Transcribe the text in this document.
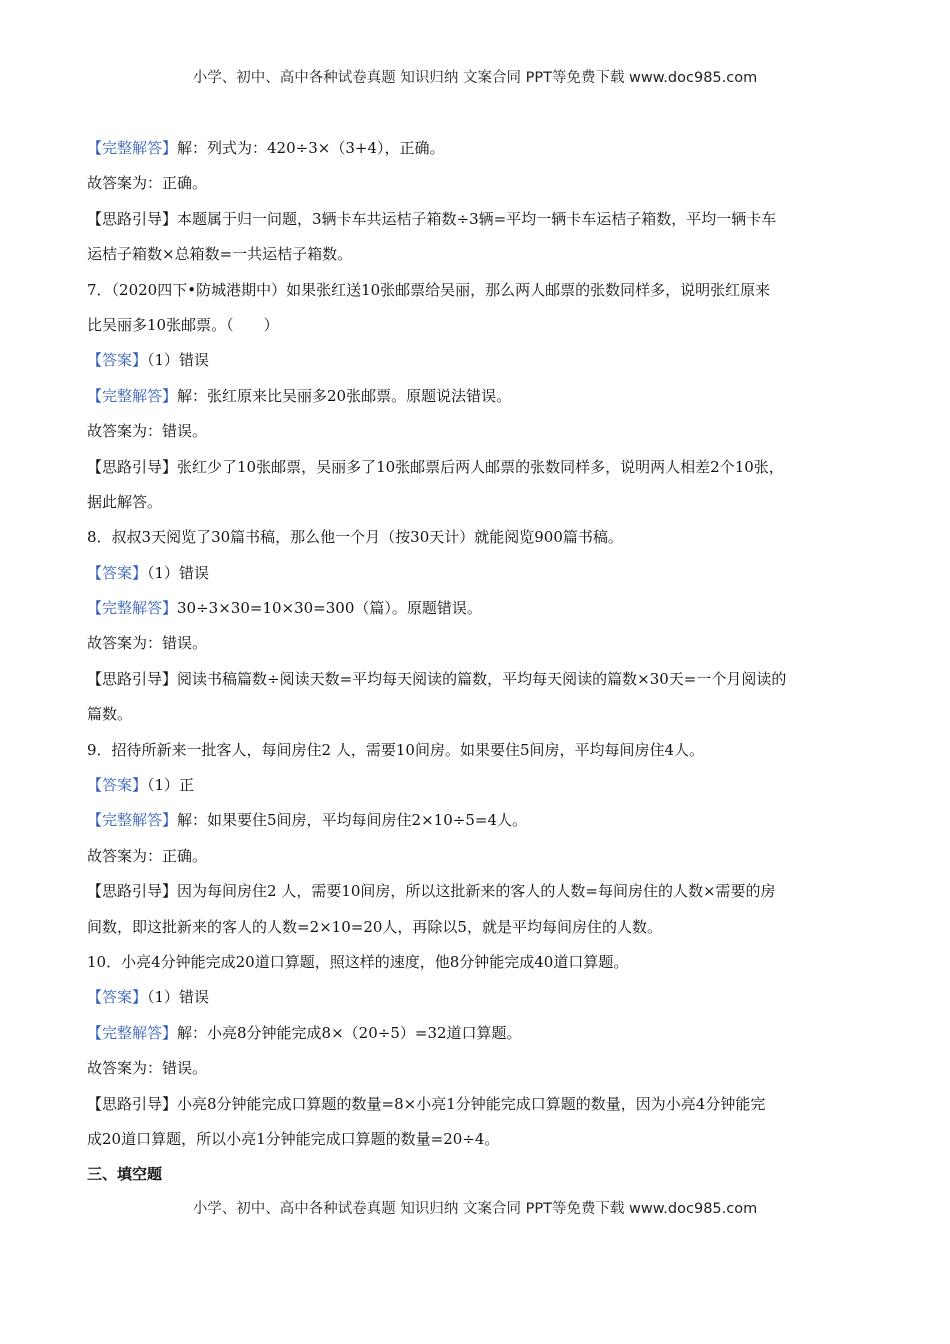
小学、初中、高中各种试卷真题 知识归纳 文案合同 PPT等免费下载 www.doc985.com
【完整解答】解：列式为：420÷3×（3+4），正确。
故答案为：正确。
【思路引导】本题属于归一问题，3辆卡车共运桔子箱数÷3辆=平均一辆卡车运桔子箱数，平均一辆卡车
运桔子箱数×总箱数=一共运桔子箱数。
7．（2020四下•防城港期中）如果张红送10张邮票给吴丽，那么两人邮票的张数同样多，说明张红原来
比吴丽多10张邮票。（　　）
【答案】（1）错误
【完整解答】解：张红原来比吴丽多20张邮票。原题说法错误。
故答案为：错误。
【思路引导】张红少了10张邮票，吴丽多了10张邮票后两人邮票的张数同样多，说明两人相差2个10张，
据此解答。
8．叔叔3天阅览了30篇书稿，那么他一个月（按30天计）就能阅览900篇书稿。
【答案】（1）错误
【完整解答】30÷3×30=10×30=300（篇）。原题错误。
故答案为：错误。
【思路引导】阅读书稿篇数÷阅读天数=平均每天阅读的篇数，平均每天阅读的篇数×30天=一个月阅读的
篇数。
9．招待所新来一批客人，每间房住2 人，需要10间房。如果要住5间房，平均每间房住4人。
【答案】（1）正
【完整解答】解：如果要住5间房，平均每间房住2×10÷5=4人。
故答案为：正确。
【思路引导】因为每间房住2 人，需要10间房，所以这批新来的客人的人数=每间房住的人数×需要的房
间数，即这批新来的客人的人数=2×10=20人，再除以5，就是平均每间房住的人数。
10．小亮4分钟能完成20道口算题，照这样的速度，他8分钟能完成40道口算题。
【答案】（1）错误
【完整解答】解：小亮8分钟能完成8×（20÷5）=32道口算题。
故答案为：错误。
【思路引导】小亮8分钟能完成口算题的数量=8×小亮1分钟能完成口算题的数量，因为小亮4分钟能完
成20道口算题，所以小亮1分钟能完成口算题的数量=20÷4。
三、填空题
小学、初中、高中各种试卷真题 知识归纳 文案合同 PPT等免费下载 www.doc985.com
